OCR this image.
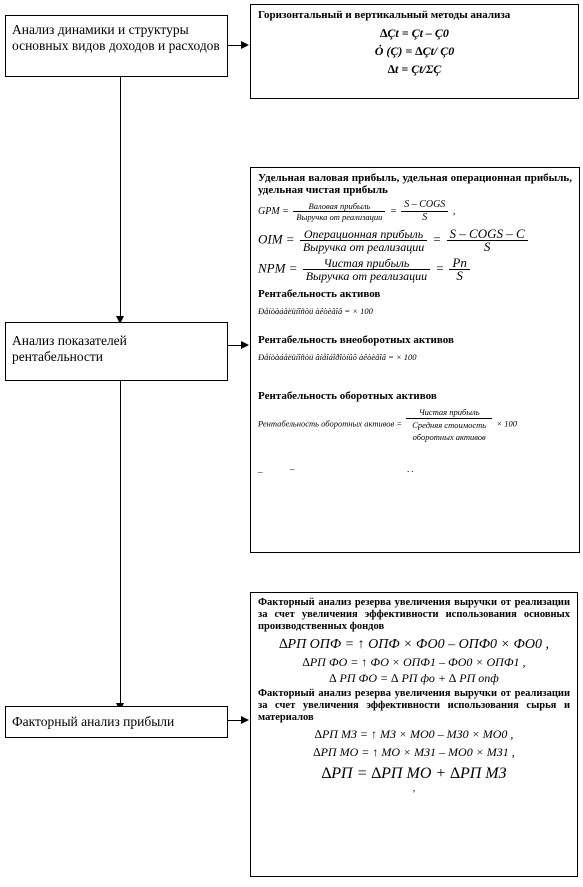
Анализ динамики и структуры основных видов доходов и расходов
Анализ показателей рентабельности
Факторный анализ прибыли
Горизонтальный и вертикальный методы анализа
∆Çt = Çt – Ç0
Ȯ (Ç) = ∆Çt/ Ç0
∆t = Çt/ΣÇ
Удельная валовая прибыль, удельная операционная прибыль, удельная чистая прибыль
GPM = $\frac{\text{Валовая прибыль}}{\text{Выручка от реализации}} = \frac{\text{S – COGS}}{S}$ ,
OIM = $\frac{\text{Операционная прибыль}}{\text{Выручка от реализации}} = \frac{\text{S – COGS – C}}{S}$
NPM = $\frac{\text{Чистая прибыль}}{\text{Выручка от реализации}} = \frac{Pn}{S}$
Рентабельность активов
Ðåíòàáåëüíîñòü àêòèâîâ = × 100
Рентабельность внеоборотных активов
Ðåíòàáåëüíîñòü âíåîáîðîòíûõ àêòèâîâ = × 100
Рентабельность оборотных активов
Рентабельность оборотных активов = $\frac{\text{Чистая прибыль}}{\text{Средняя стоимость оборотных активов}} \times 100$
_      –                          ..
Факторный анализ резерва увеличения выручки от реализации за счет увеличения эффективности использования основных производственных фондов
∆РП ОПФ = ↑ ОПФ × ФО0 – ОПФ0 × ФО0 ,
∆РП ФО = ↑ ФО × ОПФ1 – ФО0 × ОПФ1 ,
∆ РП ФО = ∆ РП фо + ∆ РП опф
Факторный анализ резерва увеличения выручки от реализации за счет увеличения эффективности использования сырья и материалов
∆РП МЗ = ↑ МЗ × МО0 – МЗ0 × МО0 ,
∆РП МО = ↑ МО × МЗ1 – МО0 × МЗ1 ,
∆РП = ∆РП МО + ∆РП МЗ
,
